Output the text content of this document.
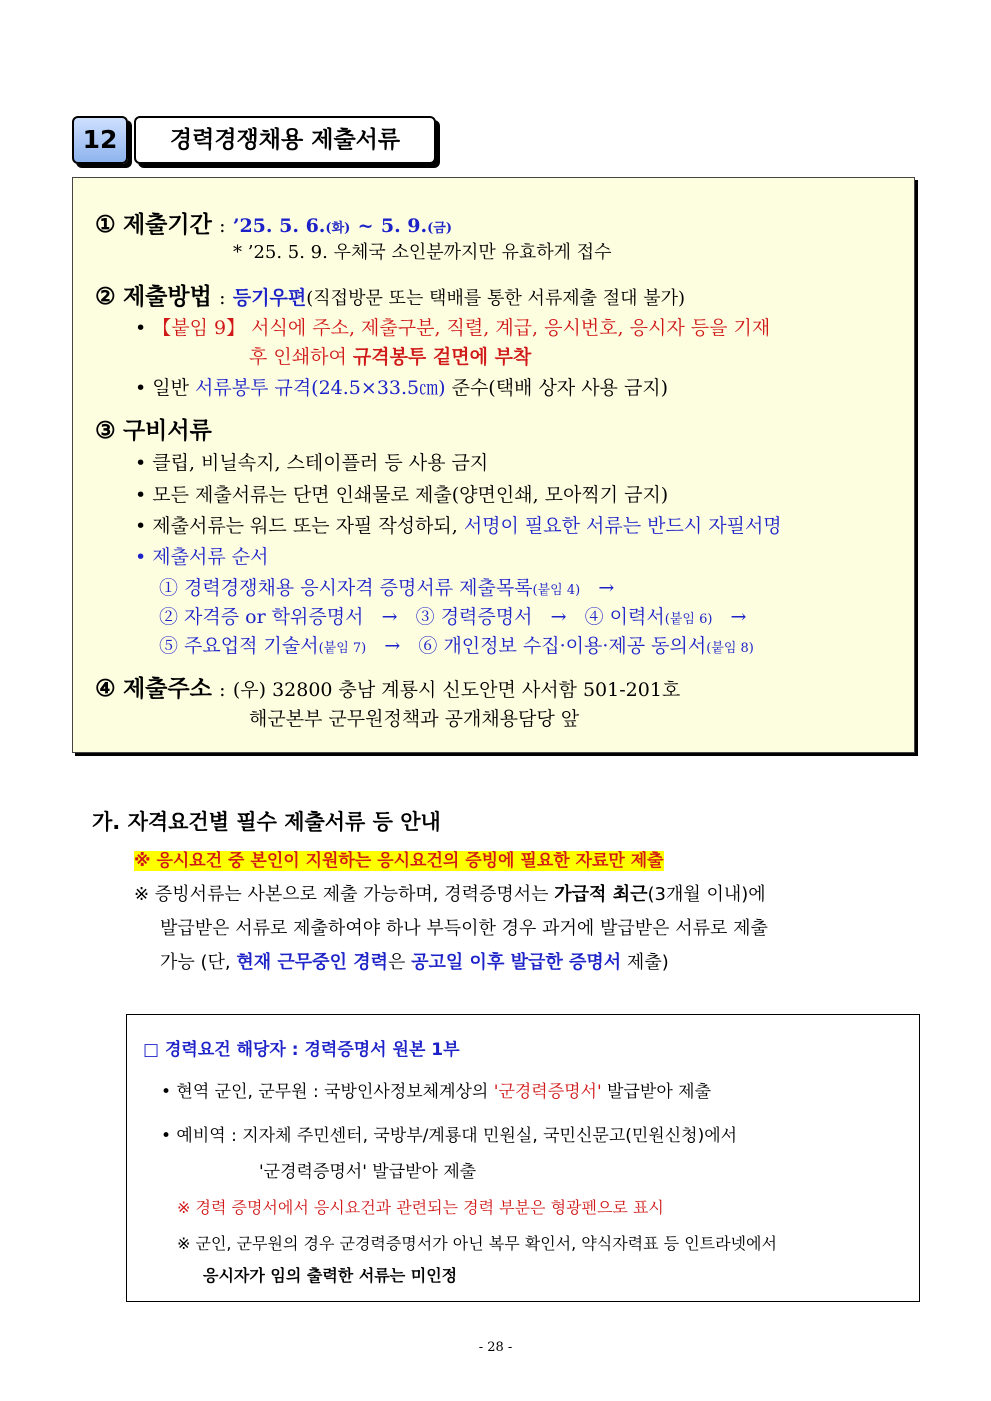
12	경력경쟁채용 제출서류
① 제출기간 : ’25. 5. 6.(화) ~ 5. 9.(금)
* ’25. 5. 9. 우체국 소인분까지만 유효하게 접수
② 제출방법 : 등기우편(직접방문 또는 택배를 통한 서류제출 절대 불가)
• 【붙임 9】 서식에 주소, 제출구분, 직렬, 계급, 응시번호, 응시자 등을 기재
후 인쇄하여 규격봉투 겉면에 부착
• 일반 서류봉투 규격(24.5×33.5㎝) 준수(택배 상자 사용 금지)
③ 구비서류
• 클립, 비닐속지, 스테이플러 등 사용 금지
• 모든 제출서류는 단면 인쇄물로 제출(양면인쇄, 모아찍기 금지)
• 제출서류는 워드 또는 자필 작성하되, 서명이 필요한 서류는 반드시 자필서명
• 제출서류 순서
① 경력경쟁채용 응시자격 증명서류 제출목록(붙임 4) →
② 자격증 or 학위증명서 → ③ 경력증명서 → ④ 이력서(붙임 6) →
⑤ 주요업적 기술서(붙임 7) → ⑥ 개인정보 수집·이용·제공 동의서(붙임 8)
④ 제출주소 : (우) 32800 충남 계룡시 신도안면 사서함 501-201호
해군본부 군무원정책과 공개채용담당 앞
가. 자격요건별 필수 제출서류 등 안내
※ 응시요건 중 본인이 지원하는 응시요건의 증빙에 필요한 자료만 제출
※ 증빙서류는 사본으로 제출 가능하며, 경력증명서는 가급적 최근(3개월 이내)에
발급받은 서류로 제출하여야 하나 부득이한 경우 과거에 발급받은 서류로 제출
가능 (단, 현재 근무중인 경력은 공고일 이후 발급한 증명서 제출)
□ 경력요건 해당자 : 경력증명서 원본 1부
• 현역 군인, 군무원 : 국방인사정보체계상의 '군경력증명서' 발급받아 제출
• 예비역 : 지자체 주민센터, 국방부/계룡대 민원실, 국민신문고(민원신청)에서
'군경력증명서' 발급받아 제출
※ 경력 증명서에서 응시요건과 관련되는 경력 부분은 형광펜으로 표시
※ 군인, 군무원의 경우 군경력증명서가 아닌 복무 확인서, 약식자력표 등 인트라넷에서
응시자가 임의 출력한 서류는 미인정
- 28 -
